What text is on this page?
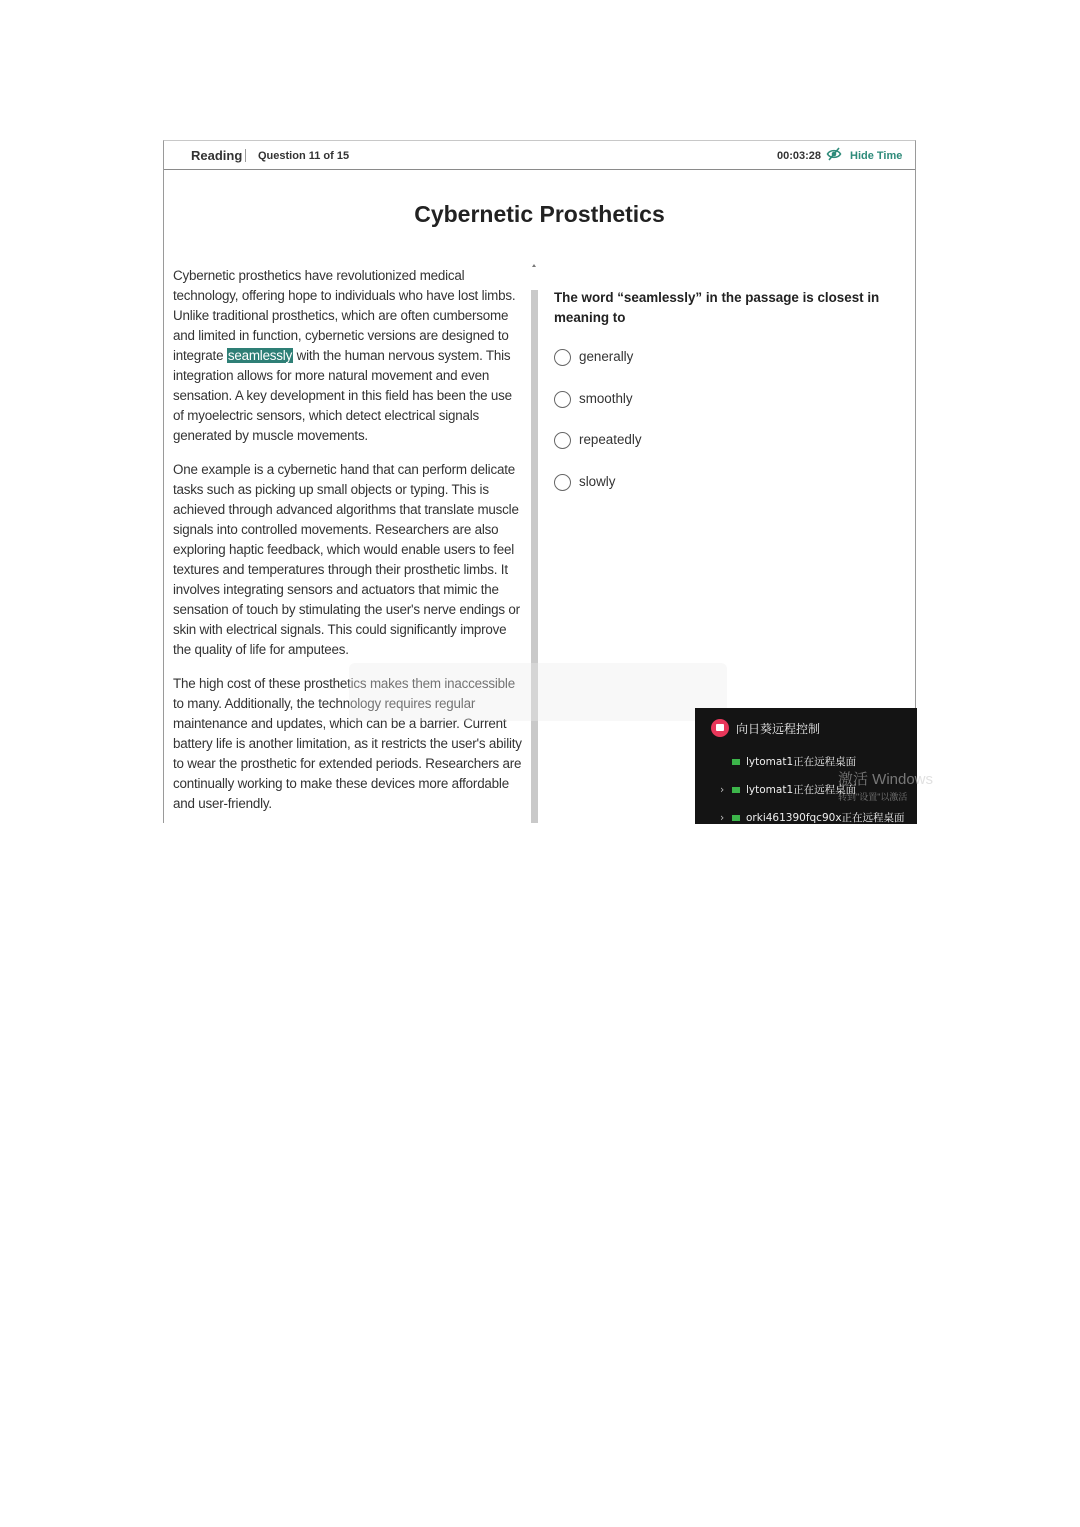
Reading Question 11 of 15	00:03:28	Hide Time
Cybernetic Prosthetics

Cybernetic prosthetics have revolutionized medical technology, offering hope to individuals who have lost limbs. Unlike traditional prosthetics, which are often cumbersome and limited in function, cybernetic versions are designed to integrate seamlessly with the human nervous system. This integration allows for more natural movement and even sensation. A key development in this field has been the use of myoelectric sensors, which detect electrical signals generated by muscle movements.

One example is a cybernetic hand that can perform delicate tasks such as picking up small objects or typing. This is achieved through advanced algorithms that translate muscle signals into controlled movements. Researchers are also exploring haptic feedback, which would enable users to feel textures and temperatures through their prosthetic limbs. It involves integrating sensors and actuators that mimic the sensation of touch by stimulating the user's nerve endings or skin with electrical signals. This could significantly improve the quality of life for amputees.

The high cost of these prosthetics makes them inaccessible to many. Additionally, the technology requires regular maintenance and updates, which can be a barrier. Current battery life is another limitation, as it restricts the user's ability to wear the prosthetic for extended periods. Researchers are continually working to make these devices more affordable and user-friendly.

The word “seamlessly” in the passage is closest in meaning to
generally
smoothly
repeatedly
slowly
向日葵远程控制
lytomat1正在远程桌面
› lytomat1正在远程桌面
› orki461390fqc90x正在远程桌面
激活 Windows
转到"设置"以激活
